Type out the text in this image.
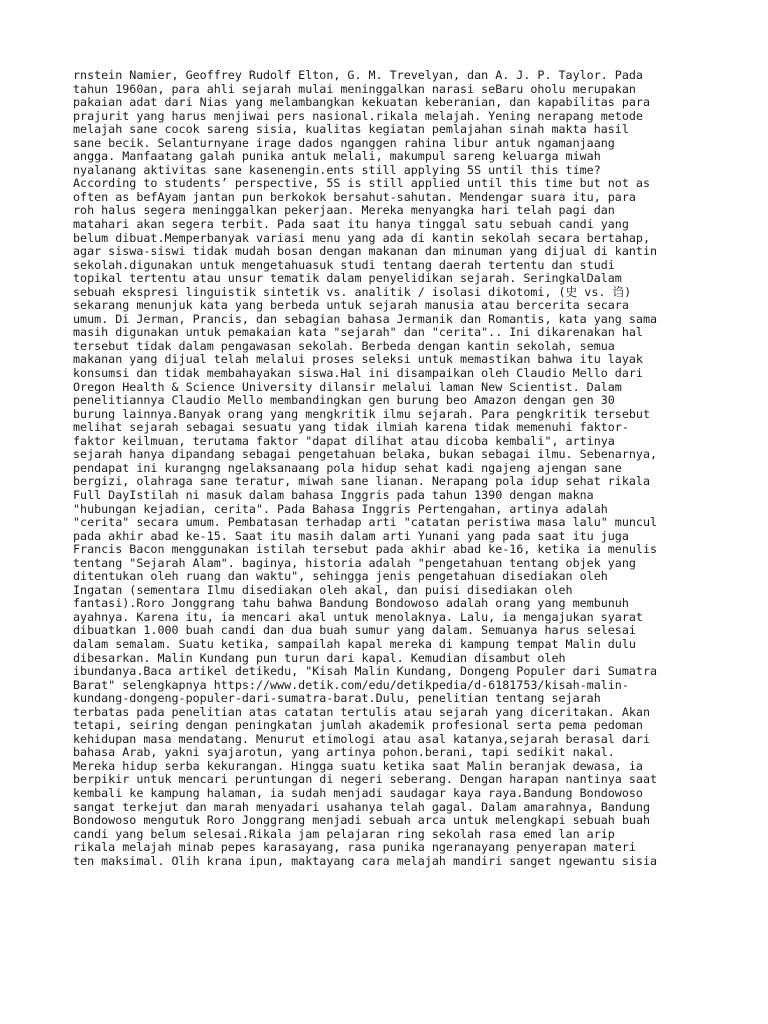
rnstein Namier, Geoffrey Rudolf Elton, G. M. Trevelyan, dan A. J. P. Taylor. Pada
tahun 1960an, para ahli sejarah mulai meninggalkan narasi seBaru oholu merupakan
pakaian adat dari Nias yang melambangkan kekuatan keberanian, dan kapabilitas para
prajurit yang harus menjiwai pers nasional.rikala melajah. Yening nerapang metode
melajah sane cocok sareng sisia, kualitas kegiatan pemlajahan sinah makta hasil
sane becik. Selanturnyane irage dados nganggen rahina libur antuk ngamanjaang
angga. Manfaatang galah punika antuk melali, makumpul sareng keluarga miwah
nyalanang aktivitas sane kasenengin.ents still applying 5S until this time?
According to students’ perspective, 5S is still applied until this time but not as
often as befAyam jantan pun berkokok bersahut-sahutan. Mendengar suara itu, para
roh halus segera meninggalkan pekerjaan. Mereka menyangka hari telah pagi dan
matahari akan segera terbit. Pada saat itu hanya tinggal satu sebuah candi yang
belum dibuat.Memperbanyak variasi menu yang ada di kantin sekolah secara bertahap,
agar siswa-siswi tidak mudah bosan dengan makanan dan minuman yang dijual di kantin
sekolah.digunakan untuk mengetahuasuk studi tentang daerah tertentu dan studi
topikal tertentu atau unsur tematik dalam penyelidikan sejarah. SeringkalDalam
sebuah ekspresi linguistik sintetik vs. analitik / isolasi dikotomi, (史 vs. 诌)
sekarang menunjuk kata yang berbeda untuk sejarah manusia atau bercerita secara
umum. Di Jerman, Prancis, dan sebagian bahasa Jermanik dan Romantis, kata yang sama
masih digunakan untuk pemakaian kata "sejarah" dan "cerita".. Ini dikarenakan hal
tersebut tidak dalam pengawasan sekolah. Berbeda dengan kantin sekolah, semua
makanan yang dijual telah melalui proses seleksi untuk memastikan bahwa itu layak
konsumsi dan tidak membahayakan siswa.Hal ini disampaikan oleh Claudio Mello dari
Oregon Health & Science University dilansir melalui laman New Scientist. Dalam
penelitiannya Claudio Mello membandingkan gen burung beo Amazon dengan gen 30
burung lainnya.Banyak orang yang mengkritik ilmu sejarah. Para pengkritik tersebut
melihat sejarah sebagai sesuatu yang tidak ilmiah karena tidak memenuhi faktor-
faktor keilmuan, terutama faktor "dapat dilihat atau dicoba kembali", artinya
sejarah hanya dipandang sebagai pengetahuan belaka, bukan sebagai ilmu. Sebenarnya,
pendapat ini kurangng ngelaksanaang pola hidup sehat kadi ngajeng ajengan sane
bergizi, olahraga sane teratur, miwah sane lianan. Nerapang pola idup sehat rikala
Full DayIstilah ni masuk dalam bahasa Inggris pada tahun 1390 dengan makna
"hubungan kejadian, cerita". Pada Bahasa Inggris Pertengahan, artinya adalah
"cerita" secara umum. Pembatasan terhadap arti "catatan peristiwa masa lalu" muncul
pada akhir abad ke-15. Saat itu masih dalam arti Yunani yang pada saat itu juga
Francis Bacon menggunakan istilah tersebut pada akhir abad ke-16, ketika ia menulis
tentang "Sejarah Alam". baginya, historia adalah "pengetahuan tentang objek yang
ditentukan oleh ruang dan waktu", sehingga jenis pengetahuan disediakan oleh
Ingatan (sementara Ilmu disediakan oleh akal, dan puisi disediakan oleh
fantasi).Roro Jonggrang tahu bahwa Bandung Bondowoso adalah orang yang membunuh
ayahnya. Karena itu, ia mencari akal untuk menolaknya. Lalu, ia mengajukan syarat
dibuatkan 1.000 buah candi dan dua buah sumur yang dalam. Semuanya harus selesai
dalam semalam. Suatu ketika, sampailah kapal mereka di kampung tempat Malin dulu
dibesarkan. Malin Kundang pun turun dari kapal. Kemudian disambut oleh
ibundanya.Baca artikel detikedu, "Kisah Malin Kundang, Dongeng Populer dari Sumatra
Barat" selengkapnya https://www.detik.com/edu/detikpedia/d-6181753/kisah-malin-
kundang-dongeng-populer-dari-sumatra-barat.Dulu, penelitian tentang sejarah
terbatas pada penelitian atas catatan tertulis atau sejarah yang diceritakan. Akan
tetapi, seiring dengan peningkatan jumlah akademik profesional serta pema pedoman
kehidupan masa mendatang. Menurut etimologi atau asal katanya,sejarah berasal dari
bahasa Arab, yakni syajarotun, yang artinya pohon.berani, tapi sedikit nakal.
Mereka hidup serba kekurangan. Hingga suatu ketika saat Malin beranjak dewasa, ia
berpikir untuk mencari peruntungan di negeri seberang. Dengan harapan nantinya saat
kembali ke kampung halaman, ia sudah menjadi saudagar kaya raya.Bandung Bondowoso
sangat terkejut dan marah menyadari usahanya telah gagal. Dalam amarahnya, Bandung
Bondowoso mengutuk Roro Jonggrang menjadi sebuah arca untuk melengkapi sebuah buah
candi yang belum selesai.Rikala jam pelajaran ring sekolah rasa emed lan arip
rikala melajah minab pepes karasayang, rasa punika ngeranayang penyerapan materi
ten maksimal. Olih krana ipun, maktayang cara melajah mandiri sanget ngewantu sisia
